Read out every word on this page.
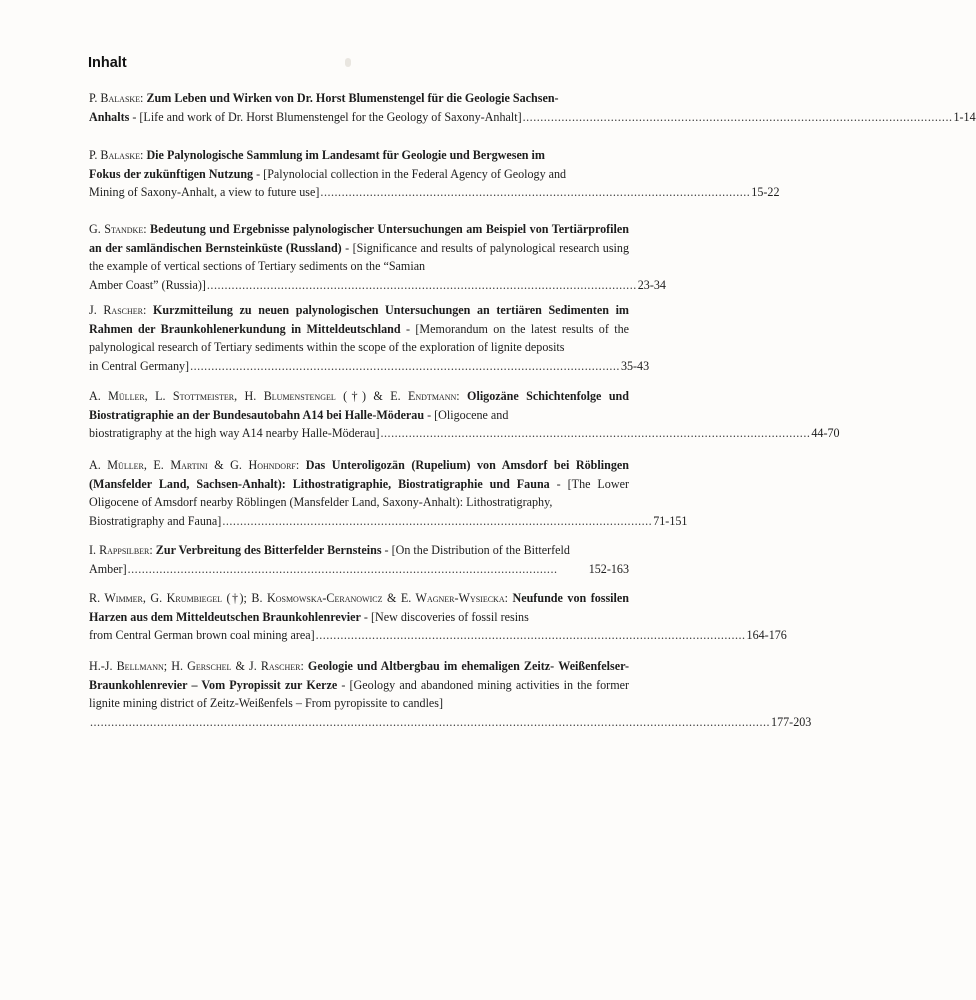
Inhalt
P. Balaske: Zum Leben und Wirken von Dr. Horst Blumenstengel für die Geologie Sachsen-
Anhalts - [Life and work of Dr. Horst Blumenstengel for the Geology of Saxony-Anhalt] .......................................................................................................................... 1-14
P. Balaske: Die Palynologische Sammlung im Landesamt für Geologie und Bergwesen im
Fokus der zukünftigen Nutzung - [Palynolocial collection in the Federal Agency of Geology and
Mining of Saxony-Anhalt, a view to future use] .......................................................................................................................... 15-22
G. Standke: Bedeutung und Ergebnisse palynologischer Untersuchungen am Beispiel von Tertiärprofilen an der samländischen Bernsteinküste (Russland) - [Significance and results of palynological research using the example of vertical sections of Tertiary sediments on the “Samian
Amber Coast” (Russia)] .......................................................................................................................... 23-34
J. Rascher: Kurzmitteilung zu neuen palynologischen Untersuchungen an tertiären Sedimenten im Rahmen der Braunkohlenerkundung in Mitteldeutschland - [Memorandum on the latest results of the palynological research of Tertiary sediments within the scope of the exploration of lignite deposits
in Central Germany] .......................................................................................................................... 35-43
A. Müller, L. Stottmeister, H. Blumenstengel (†) & E. Endtmann: Oligozäne Schichtenfolge und Biostratigraphie an der Bundesautobahn A14 bei Halle-Möderau - [Oligocene and
biostratigraphy at the high way A14 nearby Halle-Möderau] .......................................................................................................................... 44-70
A. Müller, E. Martini & G. Hohndorf: Das Unteroligozän (Rupelium) von Amsdorf bei Röblingen (Mansfelder Land, Sachsen-Anhalt): Lithostratigraphie, Biostratigraphie und Fauna - [The Lower Oligocene of Amsdorf nearby Röblingen (Mansfelder Land, Saxony-Anhalt): Lithostratigraphy,
Biostratigraphy and Fauna] .......................................................................................................................... 71-151
I. Rappsilber: Zur Verbreitung des Bitterfelder Bernsteins - [On the Distribution of the Bitterfeld
Amber] ..........................................................................................................................	152-163
R. Wimmer, G. Krumbiegel (†); B. Kosmowska-Ceranowicz & E. Wagner-Wysiecka: Neufunde von fossilen Harzen aus dem Mitteldeutschen Braunkohlenrevier - [New discoveries of fossil resins
from Central German brown coal mining area] .......................................................................................................................... 164-176
H.-J. Bellmann; H. Gerschel & J. Rascher: Geologie und Altbergbau im ehemaligen Zeitz- Weißenfelser-Braunkohlenrevier – Vom Pyropissit zur Kerze - [Geology and abandoned mining activities in the former lignite mining district of Zeitz-Weißenfels – From pyropissite to candles]
................................................................................................................................................................................................. 177-203
